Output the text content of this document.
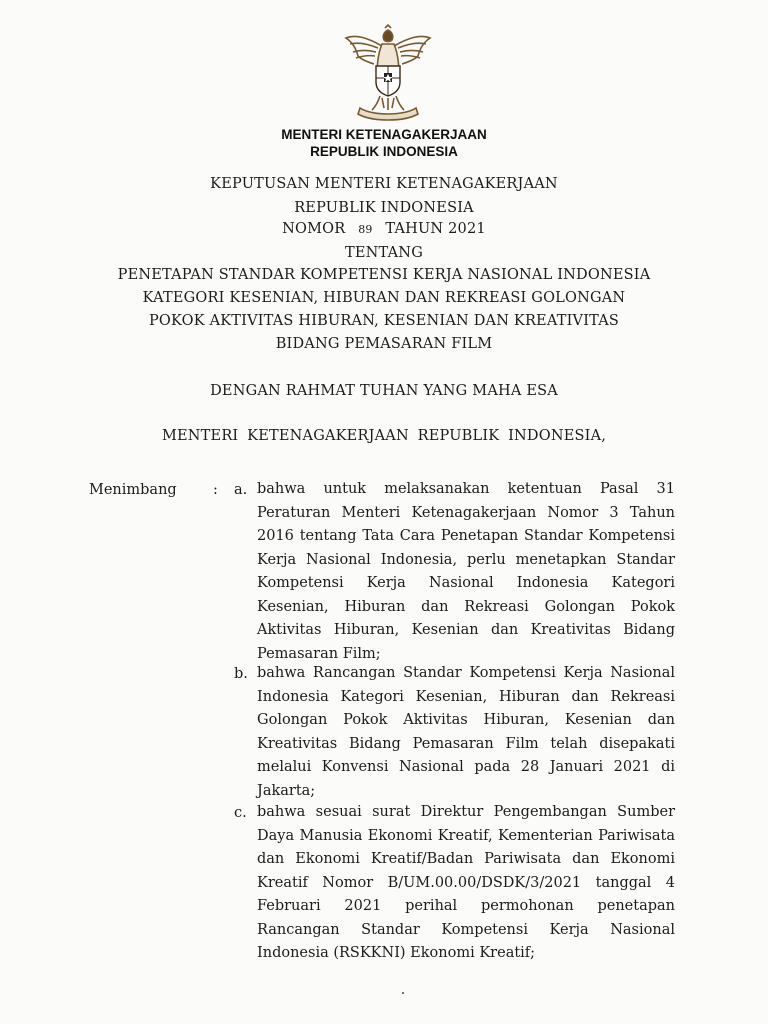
MENTERI KETENAGAKERJAAN
REPUBLIK INDONESIA
KEPUTUSAN MENTERI KETENAGAKERJAAN
REPUBLIK INDONESIA
NOMOR 89 TAHUN 2021
TENTANG
PENETAPAN STANDAR KOMPETENSI KERJA NASIONAL INDONESIA
KATEGORI KESENIAN, HIBURAN DAN REKREASI GOLONGAN
POKOK AKTIVITAS HIBURAN, KESENIAN DAN KREATIVITAS
BIDANG PEMASARAN FILM
DENGAN RAHMAT TUHAN YANG MAHA ESA
MENTERI KETENAGAKERJAAN REPUBLIK INDONESIA,
Menimbang	: a. bahwa untuk melaksanakan ketentuan Pasal 31 Peraturan Menteri Ketenagakerjaan Nomor 3 Tahun 2016 tentang Tata Cara Penetapan Standar Kompetensi Kerja Nasional Indonesia, perlu menetapkan Standar Kompetensi Kerja Nasional Indonesia Kategori Kesenian, Hiburan dan Rekreasi Golongan Pokok Aktivitas Hiburan, Kesenian dan Kreativitas Bidang Pemasaran Film;
b. bahwa Rancangan Standar Kompetensi Kerja Nasional Indonesia Kategori Kesenian, Hiburan dan Rekreasi Golongan Pokok Aktivitas Hiburan, Kesenian dan Kreativitas Bidang Pemasaran Film telah disepakati melalui Konvensi Nasional pada 28 Januari 2021 di Jakarta;
c. bahwa sesuai surat Direktur Pengembangan Sumber Daya Manusia Ekonomi Kreatif, Kementerian Pariwisata dan Ekonomi Kreatif/Badan Pariwisata dan Ekonomi Kreatif Nomor B/UM.00.00/DSDK/3/2021 tanggal 4 Februari 2021 perihal permohonan penetapan Rancangan Standar Kompetensi Kerja Nasional Indonesia (RSKKNI) Ekonomi Kreatif;
